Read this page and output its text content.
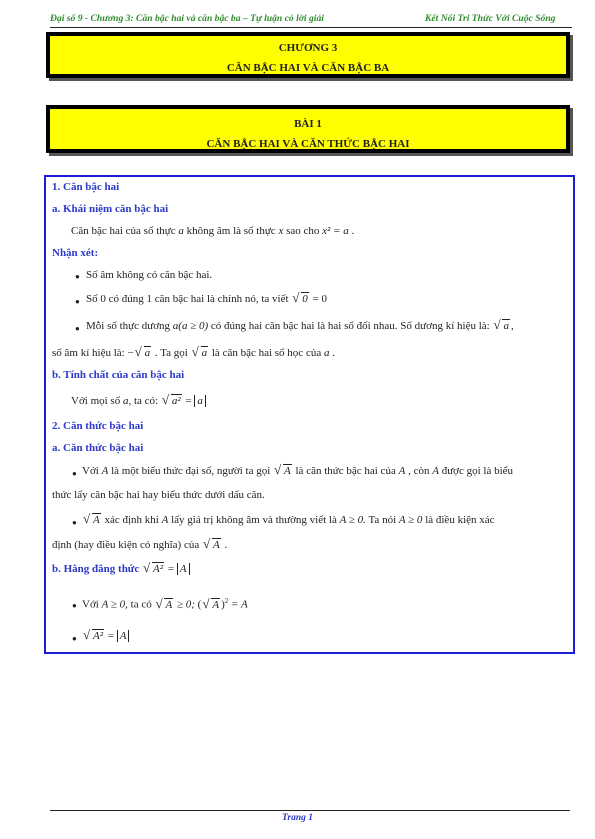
Đại số 9 - Chương 3: Căn bậc hai và căn bậc ba – Tự luận có lời giải	Kết Nối Tri Thức Với Cuộc Sống
CHƯƠNG 3
CĂN BẬC HAI VÀ CĂN BẬC BA
BÀI 1
CĂN BẬC HAI VÀ CĂN THỨC BẬC HAI
1. Căn bậc hai
a. Khái niệm căn bậc hai
Căn bậc hai của số thực a không âm là số thực x sao cho x² = a .
Nhận xét:
● Số âm không có căn bậc hai.
● Số 0 có đúng 1 căn bậc hai là chính nó, ta viết √ 0 = 0
● Mỗi số thực dương a(a ≥ 0) có đúng hai căn bậc hai là hai số đối nhau. Số dương kí hiệu là: √ a ,
số âm kí hiệu là: − √ a . Ta gọi √ a là căn bậc hai số học của a .
b. Tính chất của căn bậc hai
Với mọi số a, ta có: √ a² = a
2. Căn thức bậc hai
a. Căn thức bậc hai
● Với A là một biểu thức đại số, người ta gọi √ A là căn thức bậc hai của A , còn A được gọi là biểu
thức lấy căn bậc hai hay biểu thức dưới dấu căn.
● √ A xác định khi A lấy giá trị không âm và thường viết là A ≥ 0. Ta nói A ≥ 0 là điều kiện xác
định (hay điều kiện có nghĩa) của √ A .
b. Hằng đẳng thức √ A² = A
● Với A ≥ 0, ta có √ A ≥ 0; ( √ A )$^2$ = A
● √ A² = A
Trang 1
